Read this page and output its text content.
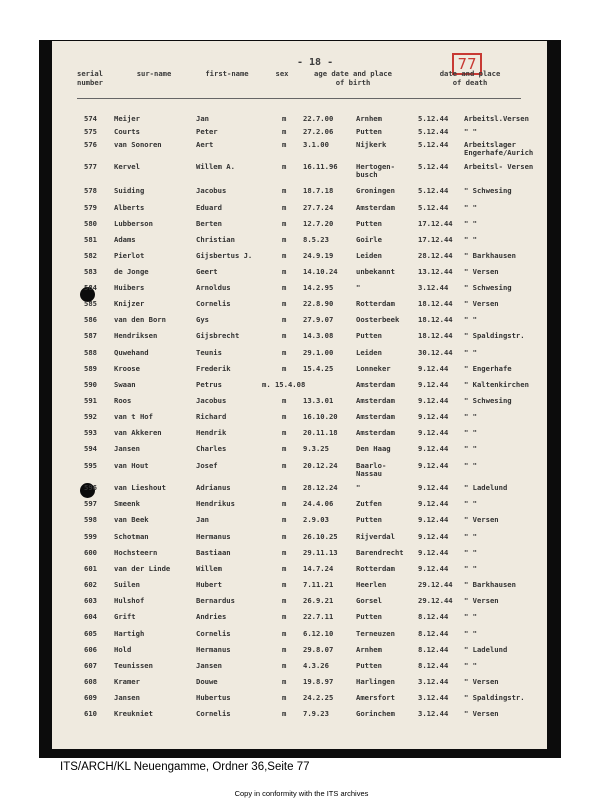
- 18 -	77
serial
number
sur-name	first-name	sex	age date and place
of birth
date and place
of death
574 Meijer	Jan	m 22.7.00	Arnhem	5.12.44 Arbeitsl.Versen
575 Courts	Peter	m 27.2.06	Putten	5.12.44 " "
576 van Sonoren	Aert	m 3.1.00	Nijkerk	5.12.44 Arbeitslager
Engerhafe/Aurich
577 Kervel	Willem A.	m 16.11.96	Hertogen-
busch
5.12.44 Arbeitsl- Versen
578 Suiding	Jacobus	m 18.7.18	Groningen	5.12.44 " Schwesing
579 Alberts	Eduard	m 27.7.24	Amsterdam	5.12.44 " "
580 Lubberson	Berten	m 12.7.20	Putten	17.12.44 " "
581 Adams	Christian	m 8.5.23	Goirle	17.12.44 " "
582 Pierlot	Gijsbertus J.	m 24.9.19	Leiden	28.12.44 " Barkhausen
583 de Jonge	Geert	m 14.10.24	unbekannt	13.12.44 " Versen
584 Huibers	Arnoldus	m 14.2.95	"	3.12.44 " Schwesing
585 Knijzer	Cornelis	m 22.8.90	Rotterdam	18.12.44 " Versen
586 van den Born	Gys	m 27.9.07	Oosterbeek	18.12.44 " "
587 Hendriksen	Gijsbrecht	m 14.3.08	Putten	18.12.44 " Spaldingstr.
588 Quwehand	Teunis	m 29.1.00	Leiden	30.12.44 " "
589 Kroose	Frederik	m 15.4.25	Lonneker	9.12.44 " Engerhafe
590 Swaan	Petrus	m. 15.4.08	Amsterdam	9.12.44 " Kaltenkirchen
591 Roos	Jacobus	m 13.3.01	Amsterdam	9.12.44 " Schwesing
592 van t Hof	Richard	m 16.10.20	Amsterdam	9.12.44 " "
593 van Akkeren	Hendrik	m 20.11.18	Amsterdam	9.12.44 " "
594 Jansen	Charles	m 9.3.25	Den Haag	9.12.44 " "
595 van Hout	Josef	m 20.12.24	Baarlo-
Nassau
9.12.44 " "
596 van Lieshout	Adrianus	m 28.12.24	"	9.12.44 " Ladelund
597 Smeenk	Hendrikus	m 24.4.06	Zutfen	9.12.44 " "
598 van Beek	Jan	m 2.9.03	Putten	9.12.44 " Versen
599 Schotman	Hermanus	m 26.10.25	Rijverdal	9.12.44 " "
600 Hochsteern	Bastiaan	m 29.11.13	Barendrecht 9.12.44 " "
601 van der Linde	Willem	m 14.7.24	Rotterdam	9.12.44 " "
602 Suilen	Hubert	m 7.11.21	Heerlen	29.12.44 " Barkhausen
603 Hulshof	Bernardus	m 26.9.21	Gorsel	29.12.44 " Versen
604 Grift	Andries	m 22.7.11	Putten	8.12.44 " "
605 Hartigh	Cornelis	m 6.12.10	Terneuzen	8.12.44 " "
606 Hold	Hermanus	m 29.8.07	Arnhem	8.12.44 " Ladelund
607 Teunissen	Jansen	m 4.3.26	Putten	8.12.44 " "
608 Kramer	Douwe	m 19.8.97	Harlingen	3.12.44 " Versen
609 Jansen	Hubertus	m 24.2.25	Amersfort	3.12.44 " Spaldingstr.
610 Kreukniet	Cornelis	m 7.9.23	Gorinchem	3.12.44 " Versen
ITS/ARCH/KL Neuengamme, Ordner 36,Seite 77
Copy in conformity with the ITS archives
